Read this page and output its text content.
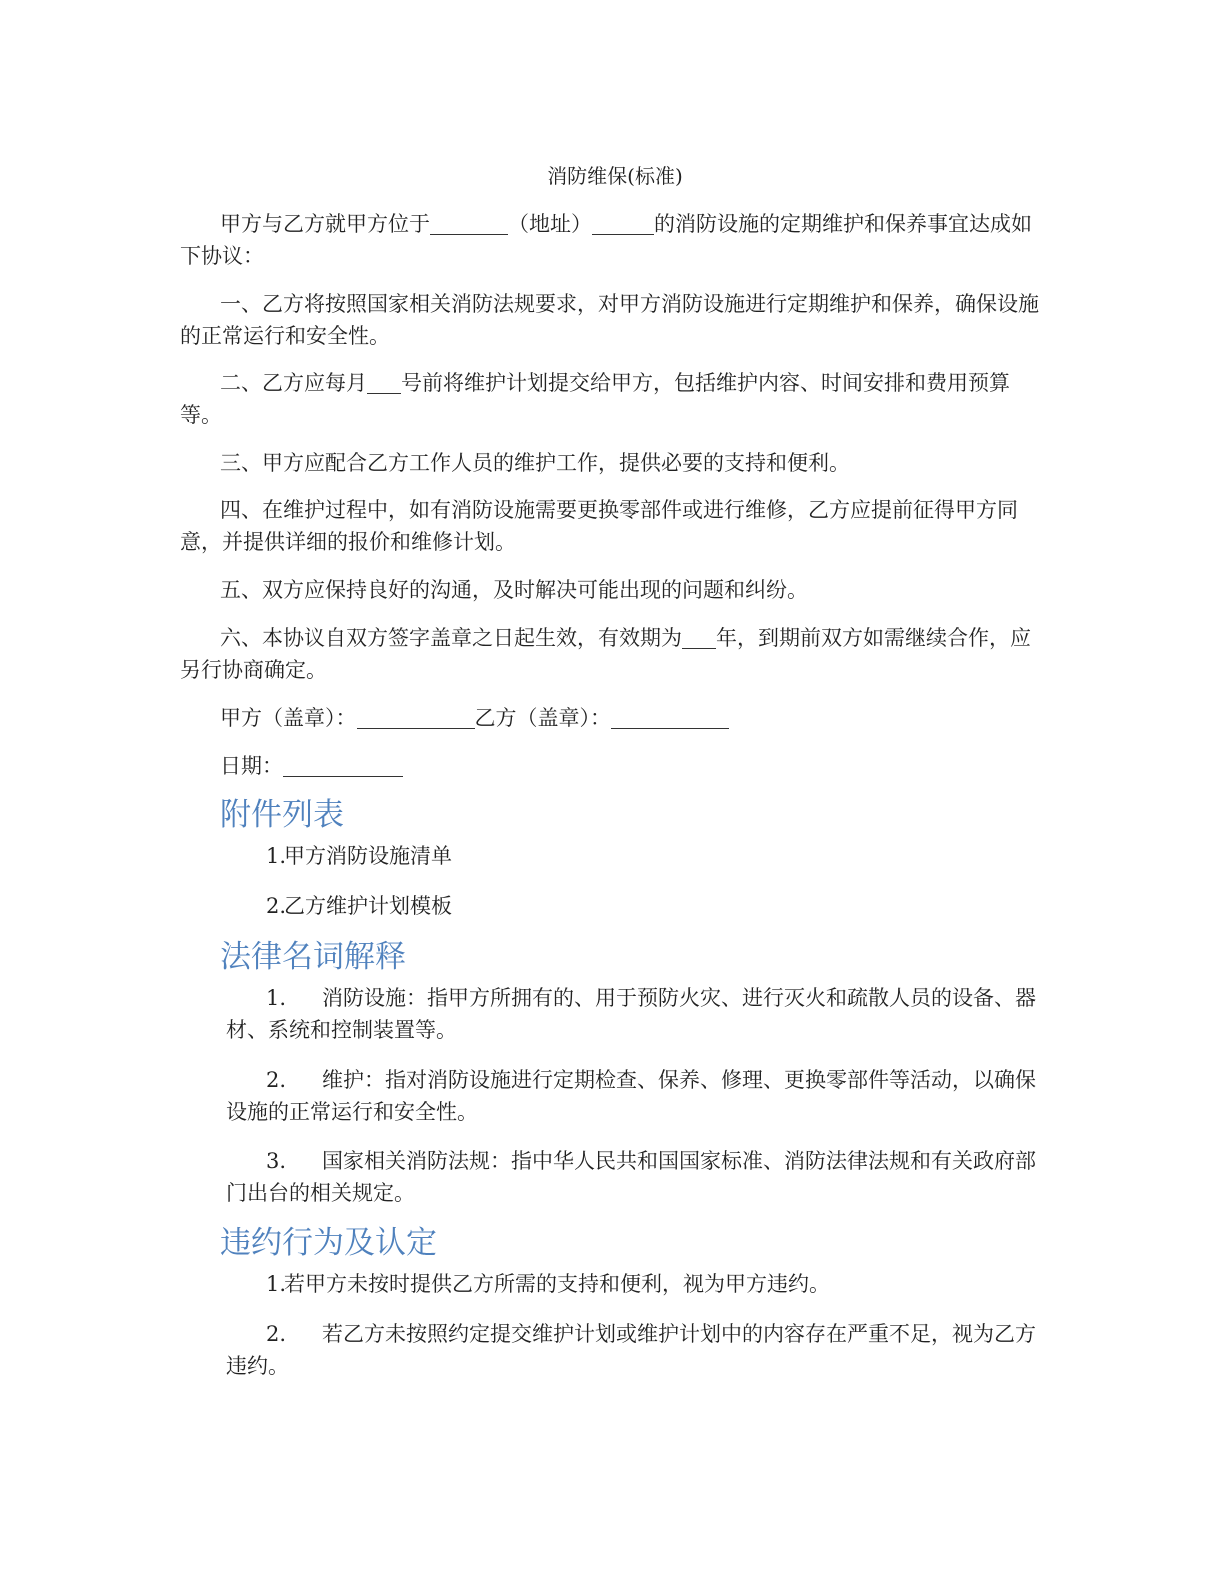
消防维保(标准)
甲方与乙方就甲方位于	（地址）	的消防设施的定期维护和保养事宜达成如下协议：
一、乙方将按照国家相关消防法规要求，对甲方消防设施进行定期维护和保养，确保设施的正常运行和安全性。
二、乙方应每月 号前将维护计划提交给甲方，包括维护内容、时间安排和费用预算等。
三、甲方应配合乙方工作人员的维护工作，提供必要的支持和便利。
四、在维护过程中，如有消防设施需要更换零部件或进行维修，乙方应提前征得甲方同意，并提供详细的报价和维修计划。
五、双方应保持良好的沟通，及时解决可能出现的问题和纠纷。
六、本协议自双方签字盖章之日起生效，有效期为 年，到期前双方如需继续合作，应另行协商确定。
甲方（盖章）：	乙方（盖章）：
日期：
附件列表
1.甲方消防设施清单
2.乙方维护计划模板
法律名词解释
1. 消防设施：指甲方所拥有的、用于预防火灾、进行灭火和疏散人员的设备、器材、系统和控制装置等。
2. 维护：指对消防设施进行定期检查、保养、修理、更换零部件等活动，以确保设施的正常运行和安全性。
3. 国家相关消防法规：指中华人民共和国国家标准、消防法律法规和有关政府部门出台的相关规定。
违约行为及认定
1.若甲方未按时提供乙方所需的支持和便利，视为甲方违约。
2. 若乙方未按照约定提交维护计划或维护计划中的内容存在严重不足，视为乙方违约。
